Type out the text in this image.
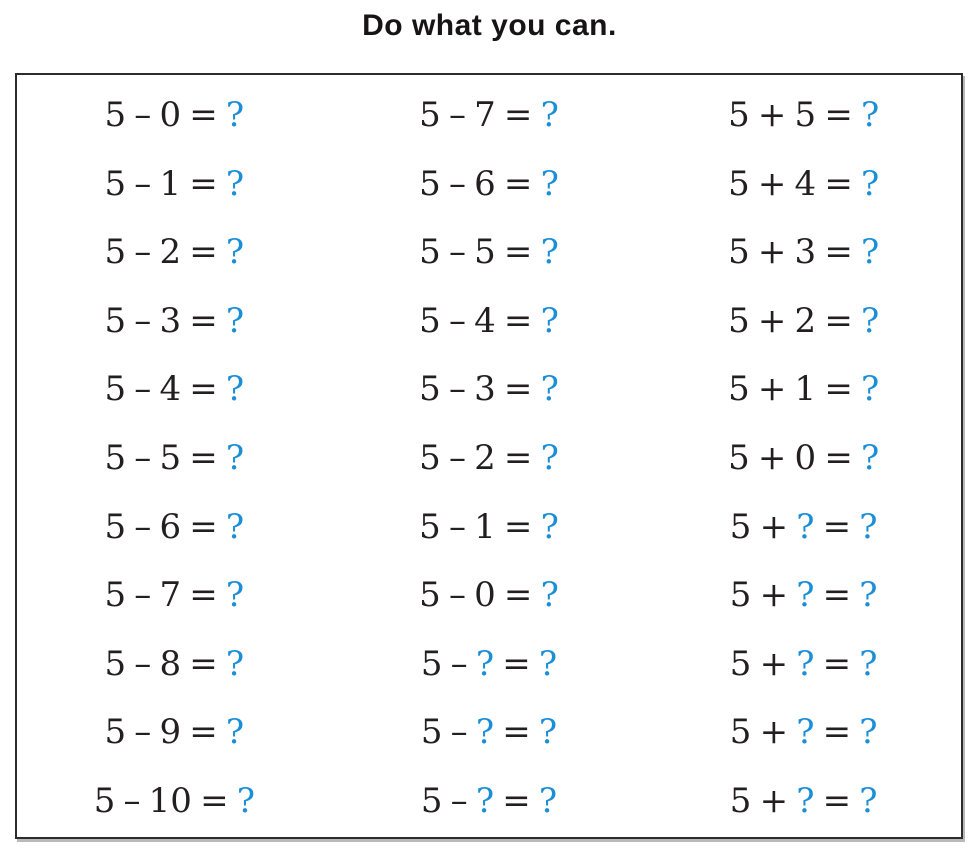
Do what you can.
5 – 0 = ?
5 – 1 = ?
5 – 2 = ?
5 – 3 = ?
5 – 4 = ?
5 – 5 = ?
5 – 6 = ?
5 – 7 = ?
5 – 8 = ?
5 – 9 = ?
5 – 10 = ?
5 – 7 = ?
5 – 6 = ?
5 – 5 = ?
5 – 4 = ?
5 – 3 = ?
5 – 2 = ?
5 – 1 = ?
5 – 0 = ?
5 – ? = ?
5 – ? = ?
5 – ? = ?
5 + 5 = ?
5 + 4 = ?
5 + 3 = ?
5 + 2 = ?
5 + 1 = ?
5 + 0 = ?
5 + ? = ?
5 + ? = ?
5 + ? = ?
5 + ? = ?
5 + ? = ?
